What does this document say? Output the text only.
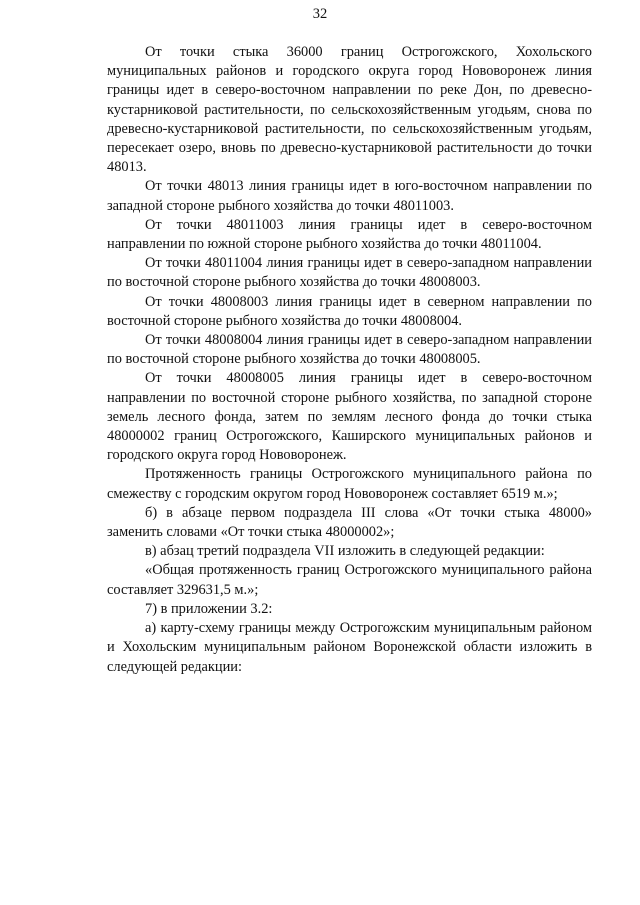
32

От точки стыка 36000 границ Острогожского, Хохольского муниципальных районов и городского округа город Нововоронеж линия границы идет в северо-восточном направлении по реке Дон, по древесно-кустарниковой растительности, по сельскохозяйственным угодьям, снова по древесно-кустарниковой растительности, по сельскохозяйственным угодьям, пересекает озеро, вновь по древесно-кустарниковой растительности до точки 48013.

От точки 48013 линия границы идет в юго-восточном направлении по западной стороне рыбного хозяйства до точки 48011003.

От точки 48011003 линия границы идет в северо-восточном направлении по южной стороне рыбного хозяйства до точки 48011004.

От точки 48011004 линия границы идет в северо-западном направлении по восточной стороне рыбного хозяйства до точки 48008003.

От точки 48008003 линия границы идет в северном направлении по восточной стороне рыбного хозяйства до точки 48008004.

От точки 48008004 линия границы идет в северо-западном направлении по восточной стороне рыбного хозяйства до точки 48008005.

От точки 48008005 линия границы идет в северо-восточном направлении по восточной стороне рыбного хозяйства, по западной стороне земель лесного фонда, затем по землям лесного фонда до точки стыка 48000002 границ Острогожского, Каширского муниципальных районов и городского округа город Нововоронеж.

Протяженность границы Острогожского муниципального района по смежеству с городским округом город Нововоронеж составляет 6519 м.»;

б) в абзаце первом подраздела III слова «От точки стыка 48000» заменить словами «От точки стыка 48000002»;

в) абзац третий подраздела VII изложить в следующей редакции:

«Общая протяженность границ Острогожского муниципального района составляет 329631,5 м.»;

7) в приложении 3.2:

а) карту-схему границы между Острогожским муниципальным районом и Хохольским муниципальным районом Воронежской области изложить в следующей редакции:
